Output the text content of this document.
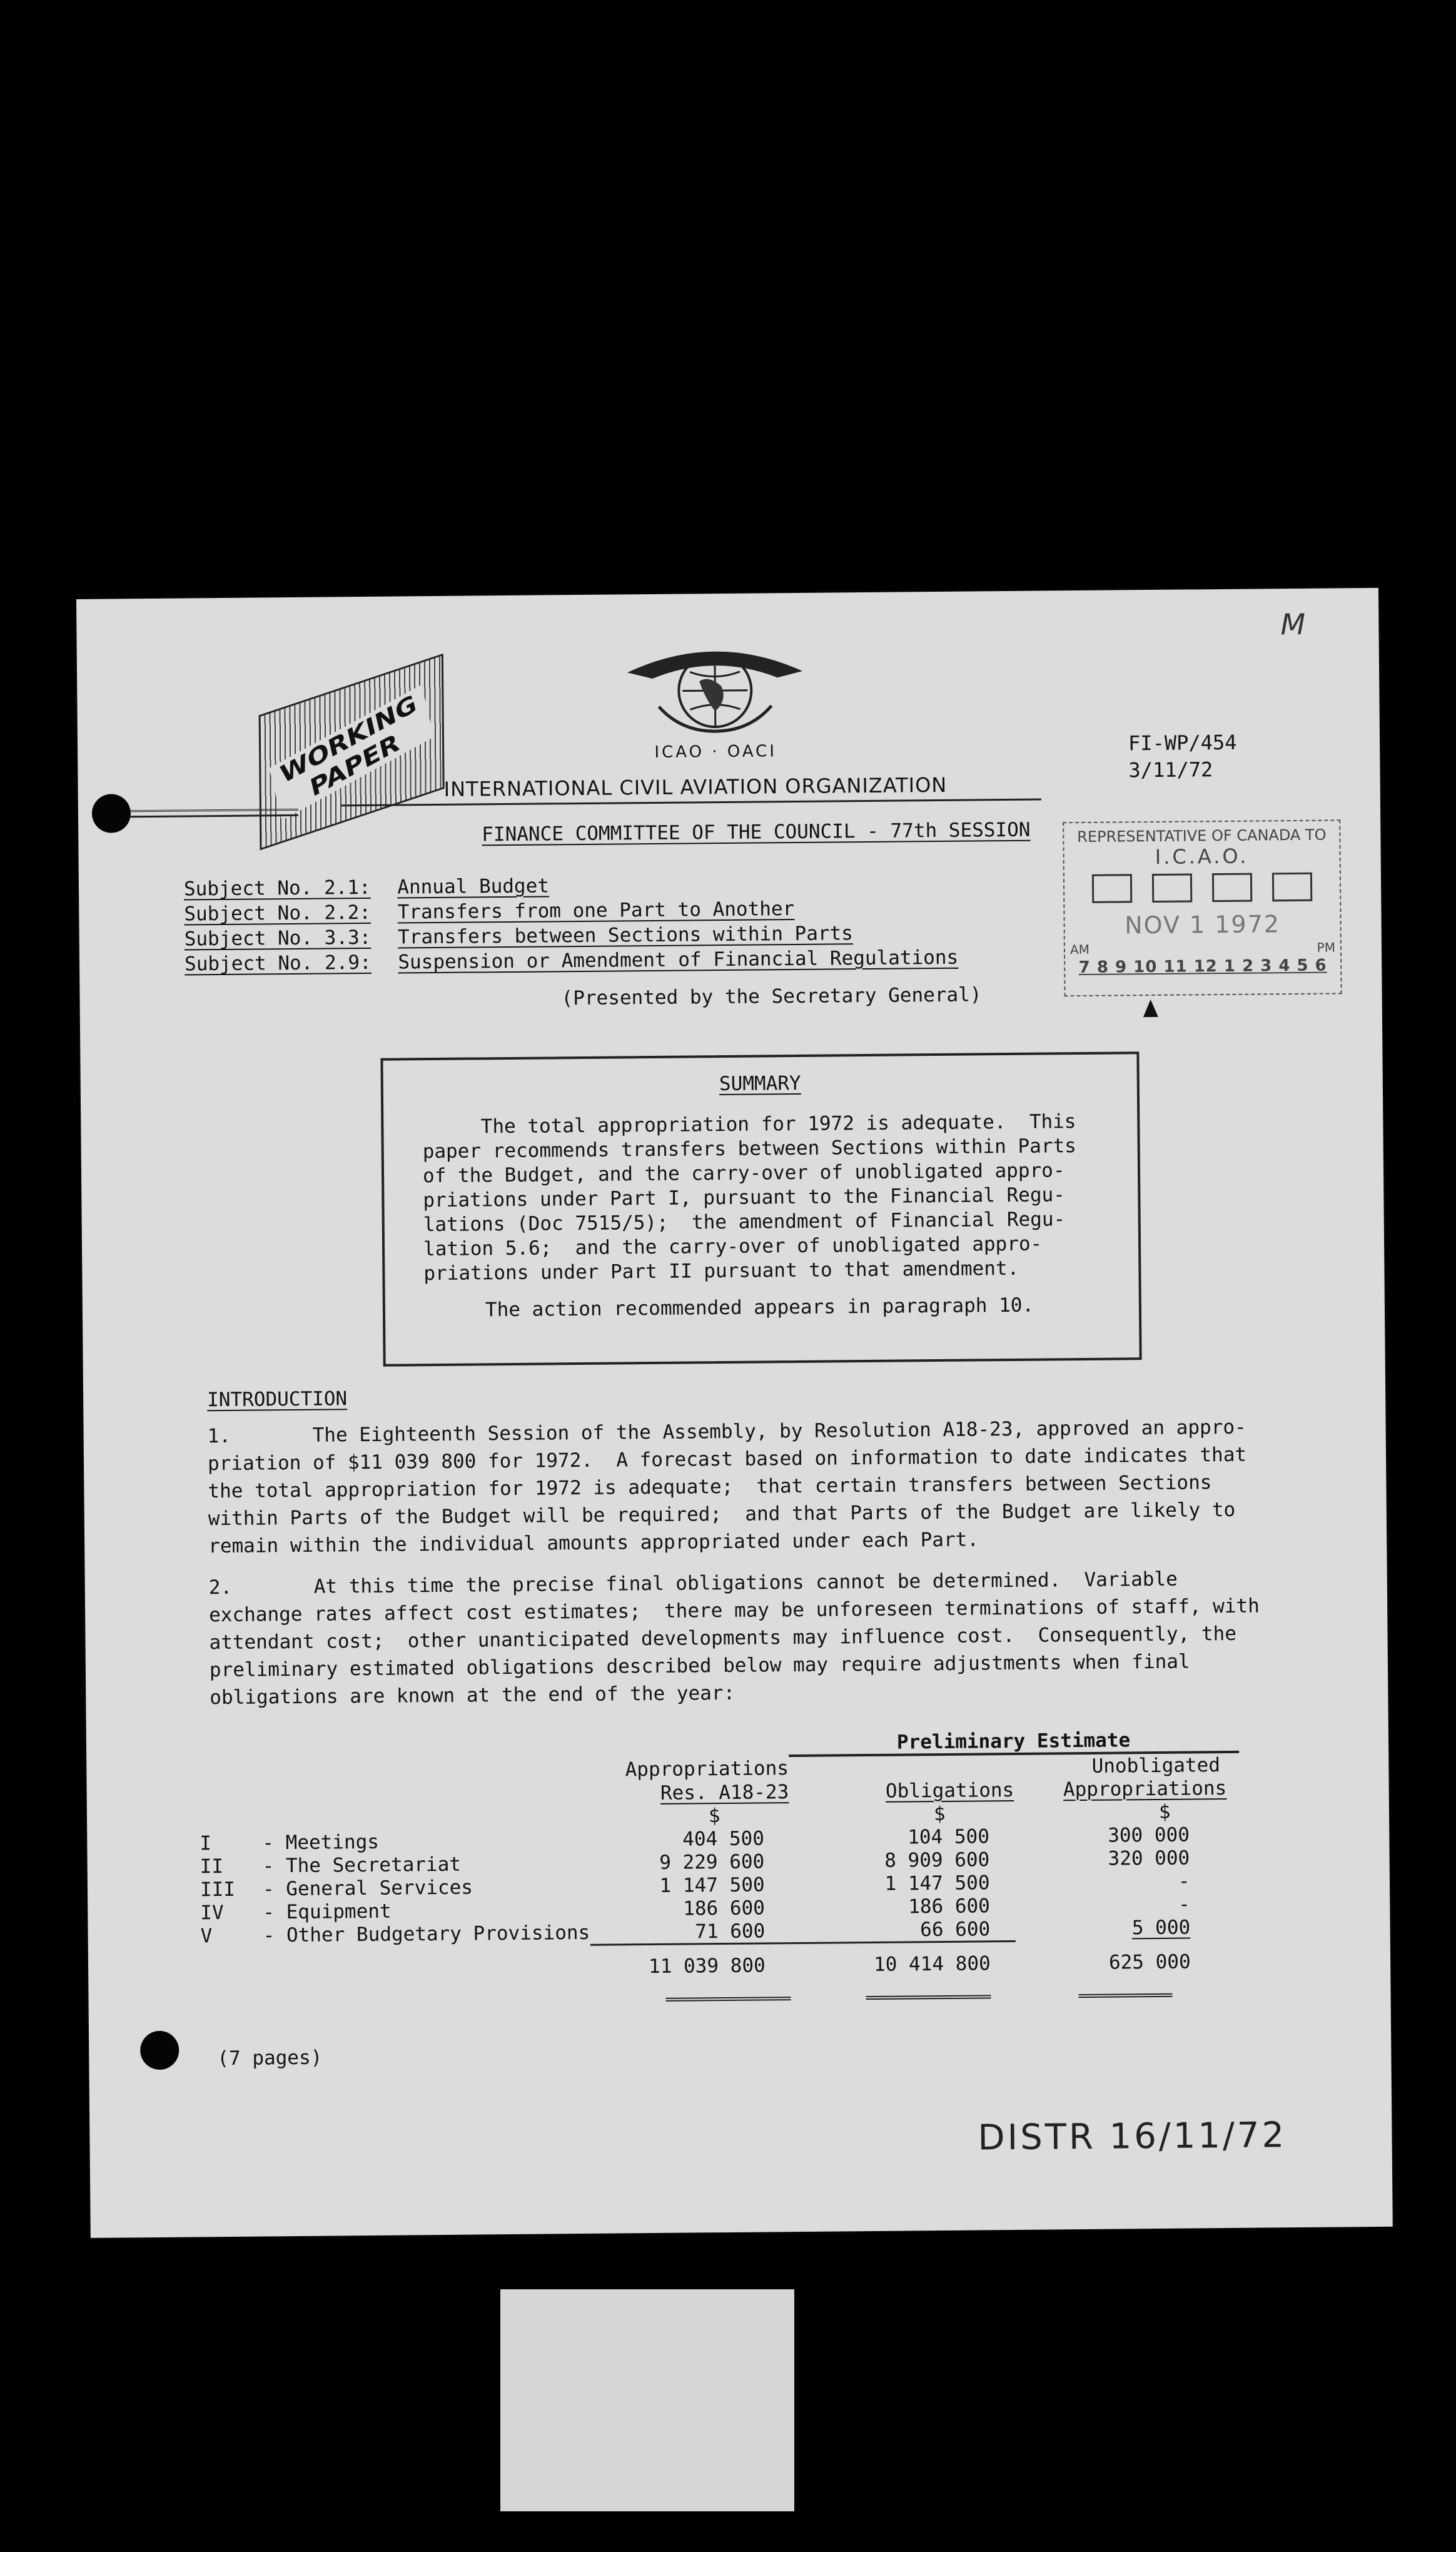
M
WORKING PAPER	ICAO · OACI
INTERNATIONAL CIVIL AVIATION ORGANIZATION
FI-WP/454
3/11/72
FINANCE COMMITTEE OF THE COUNCIL - 77th SESSION
Subject No. 2.1: Annual Budget
Subject No. 2.2: Transfers from one Part to Another
Subject No. 3.3: Transfers between Sections within Parts
Subject No. 2.9: Suspension or Amendment of Financial Regulations
REPRESENTATIVE OF CANADA TO
I.C.A.O.
NOV 1 1972
AM	PM
7 8 9 10 11 12 1 2 3 4 5 6
(Presented by the Secretary General)
SUMMARY

The total appropriation for 1972 is adequate.  This
paper recommends transfers between Sections within Parts
of the Budget, and the carry-over of unobligated appro-
priations under Part I, pursuant to the Financial Regu-
lations (Doc 7515/5);  the amendment of Financial Regu-
lation 5.6;  and the carry-over of unobligated appro-
priations under Part II pursuant to that amendment.

The action recommended appears in paragraph 10.

INTRODUCTION

1.       The Eighteenth Session of the Assembly, by Resolution A18-23, approved an appro-
priation of $11 039 800 for 1972.  A forecast based on information to date indicates that
the total appropriation for 1972 is adequate;  that certain transfers between Sections
within Parts of the Budget will be required;  and that Parts of the Budget are likely to
remain within the individual amounts appropriated under each Part.

2.       At this time the precise final obligations cannot be determined.  Variable
exchange rates affect cost estimates;  there may be unforeseen terminations of staff, with
attendant cost;  other unanticipated developments may influence cost.  Consequently, the
preliminary estimated obligations described below may require adjustments when final
obligations are known at the end of the year:

		Preliminary Estimate	
	Appropriations		Unobligated
	Res. A18-23	Obligations	Appropriations
	$	$	$
I - Meetings	404 500	104 500	300 000
II - The Secretariat	9 229 600	8 909 600	320 000
III - General Services	1 147 500	1 147 500	-
IV - Equipment	186 600	186 600	-
V - Other Budgetary Provisions	71 600	66 600	5 000
	11 039 800	10 414 800	625 000

(7 pages)
DISTR 16/11/72
